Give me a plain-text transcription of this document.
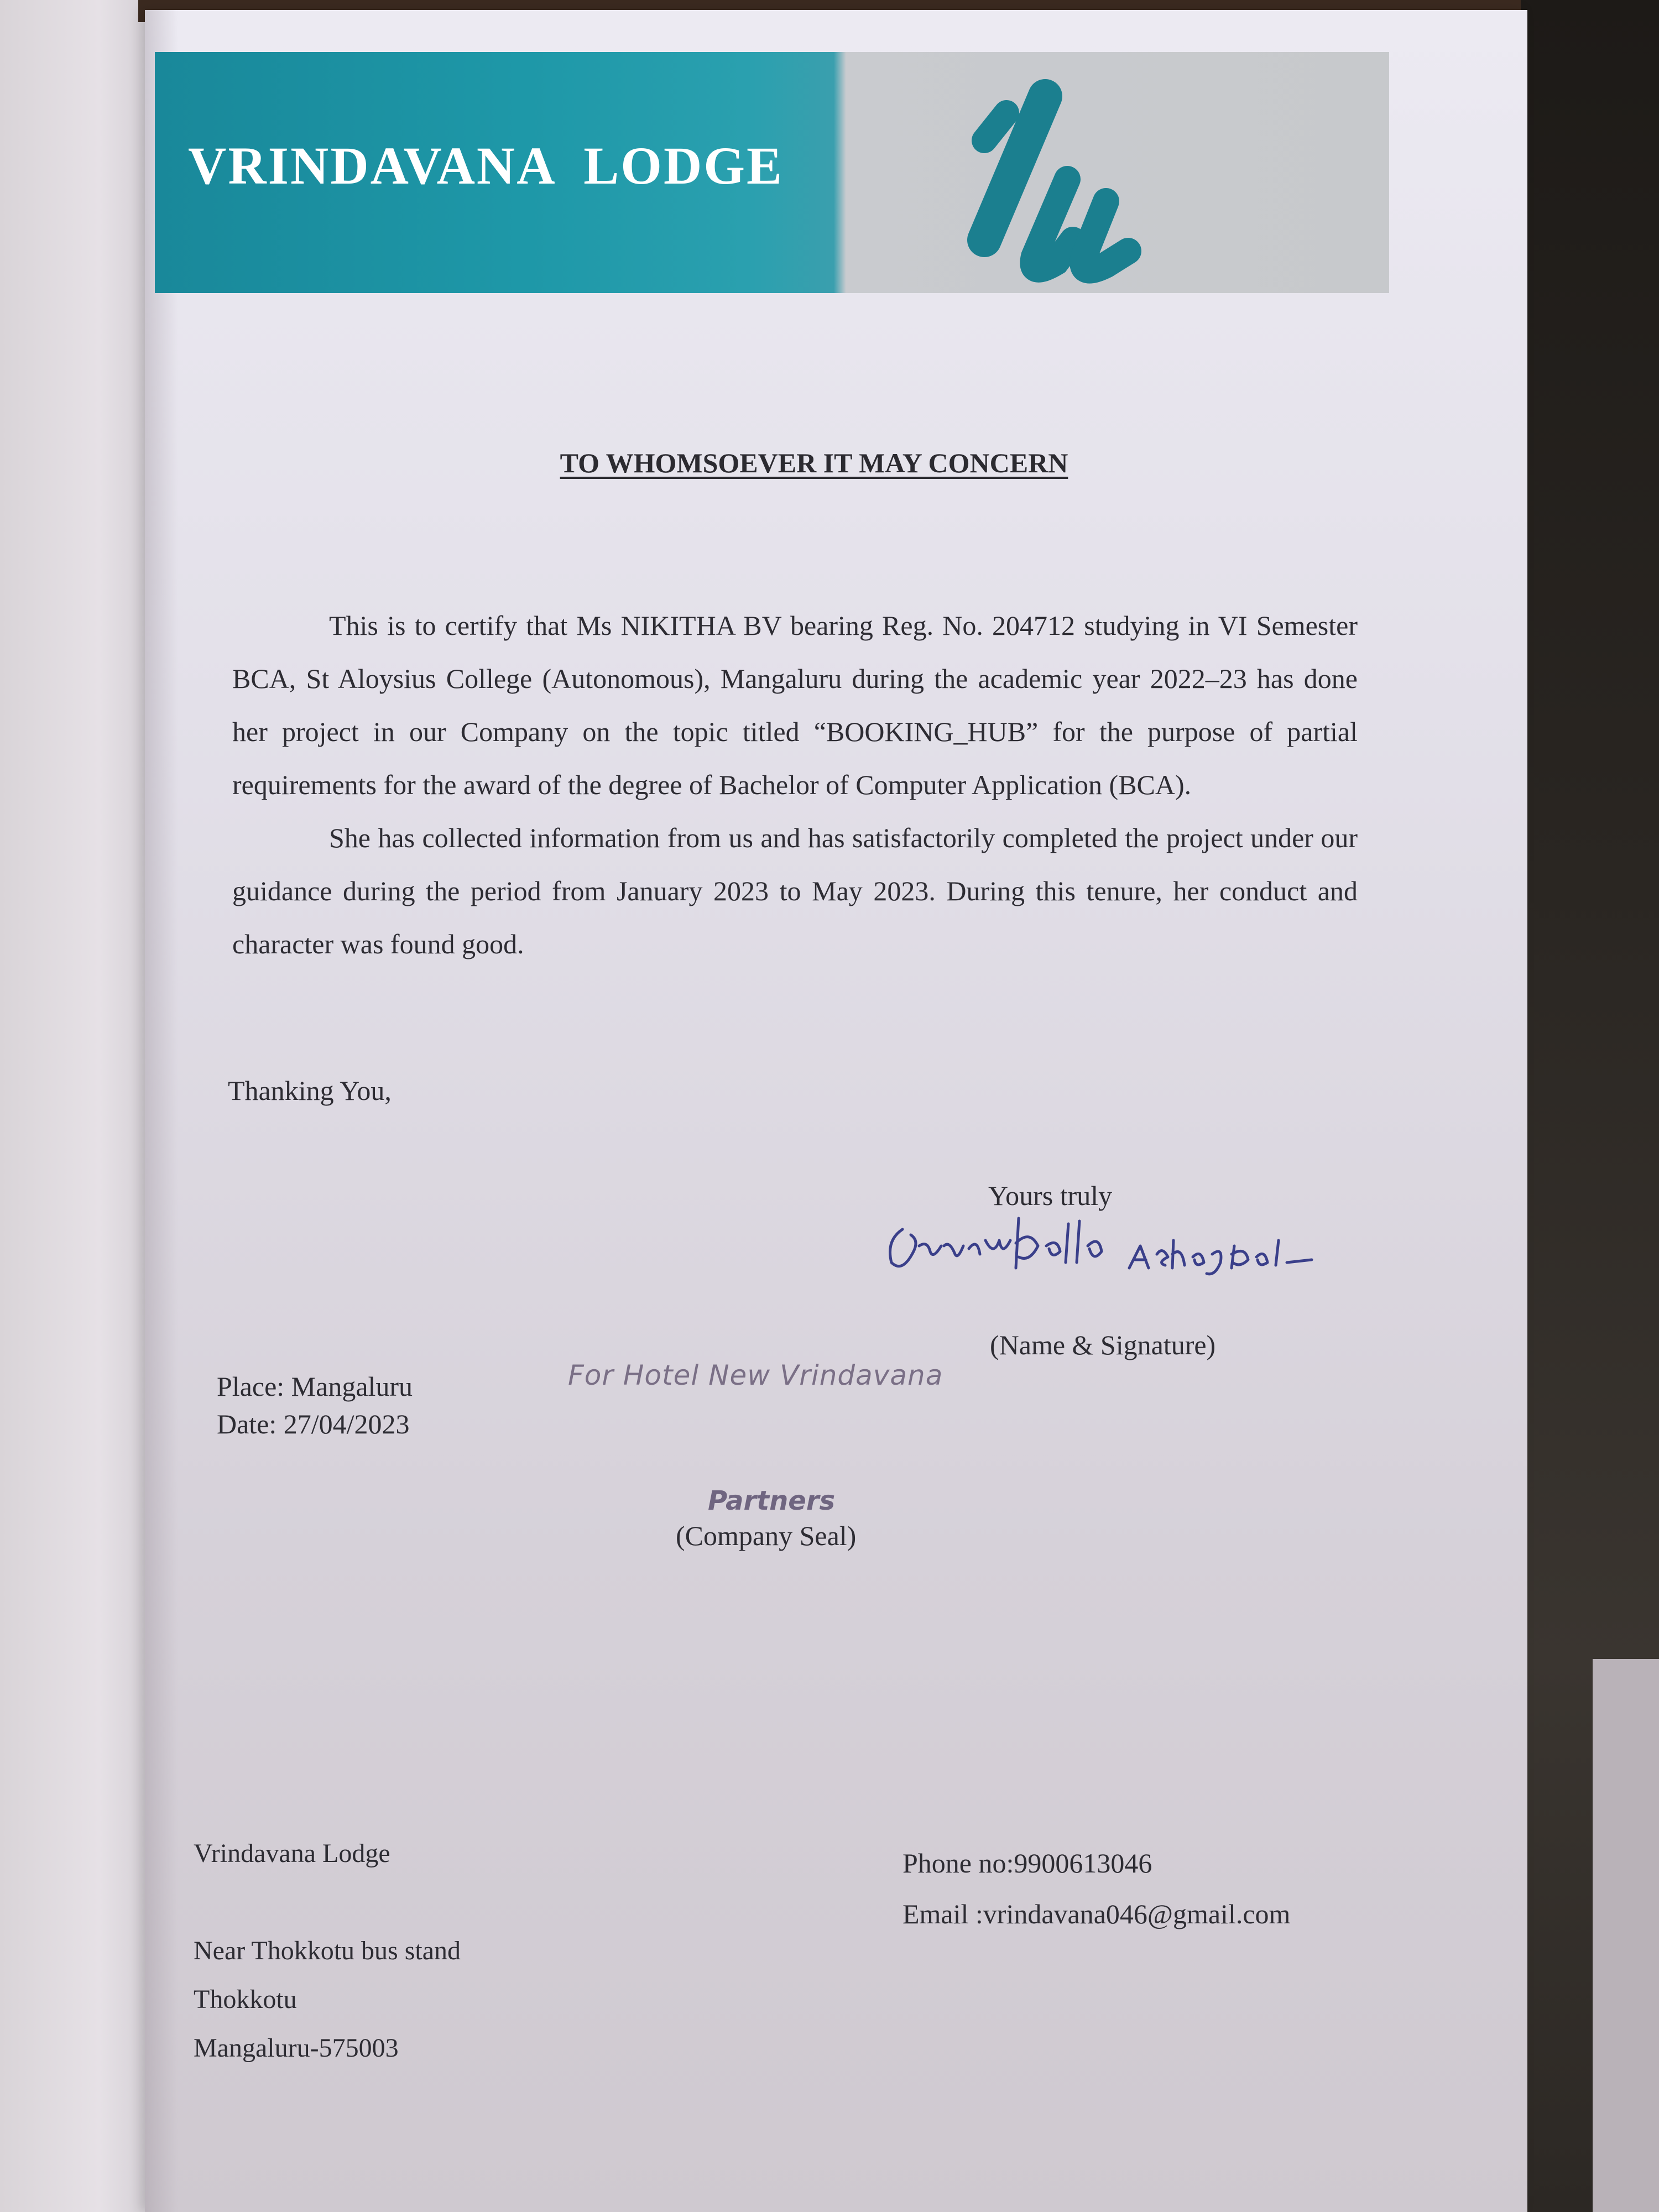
VRINDAVANA  LODGE
TO WHOMSOEVER IT MAY CONCERN

This is to certify that Ms NIKITHA BV bearing Reg. No. 204712 studying in VI Semester BCA, St Aloysius College (Autonomous), Mangaluru during the academic year 2022–23 has done her project in our Company on the topic titled “BOOKING_HUB” for the purpose of partial requirements for the award of the degree of Bachelor of Computer Application (BCA).

She has collected information from us and has satisfactorily completed the project under our guidance during the period from January 2023 to May 2023. During this tenure, her conduct and character was found good.

Thanking You,
Yours truly
(Name & Signature)
Place: Mangaluru
Date: 27/04/2023
For Hotel New Vrindavana
Partners
(Company Seal)
Vrindavana Lodge
Near Thokkotu bus stand
Thokkotu
Mangaluru-575003
Phone no:9900613046
Email :vrindavana046@gmail.com
